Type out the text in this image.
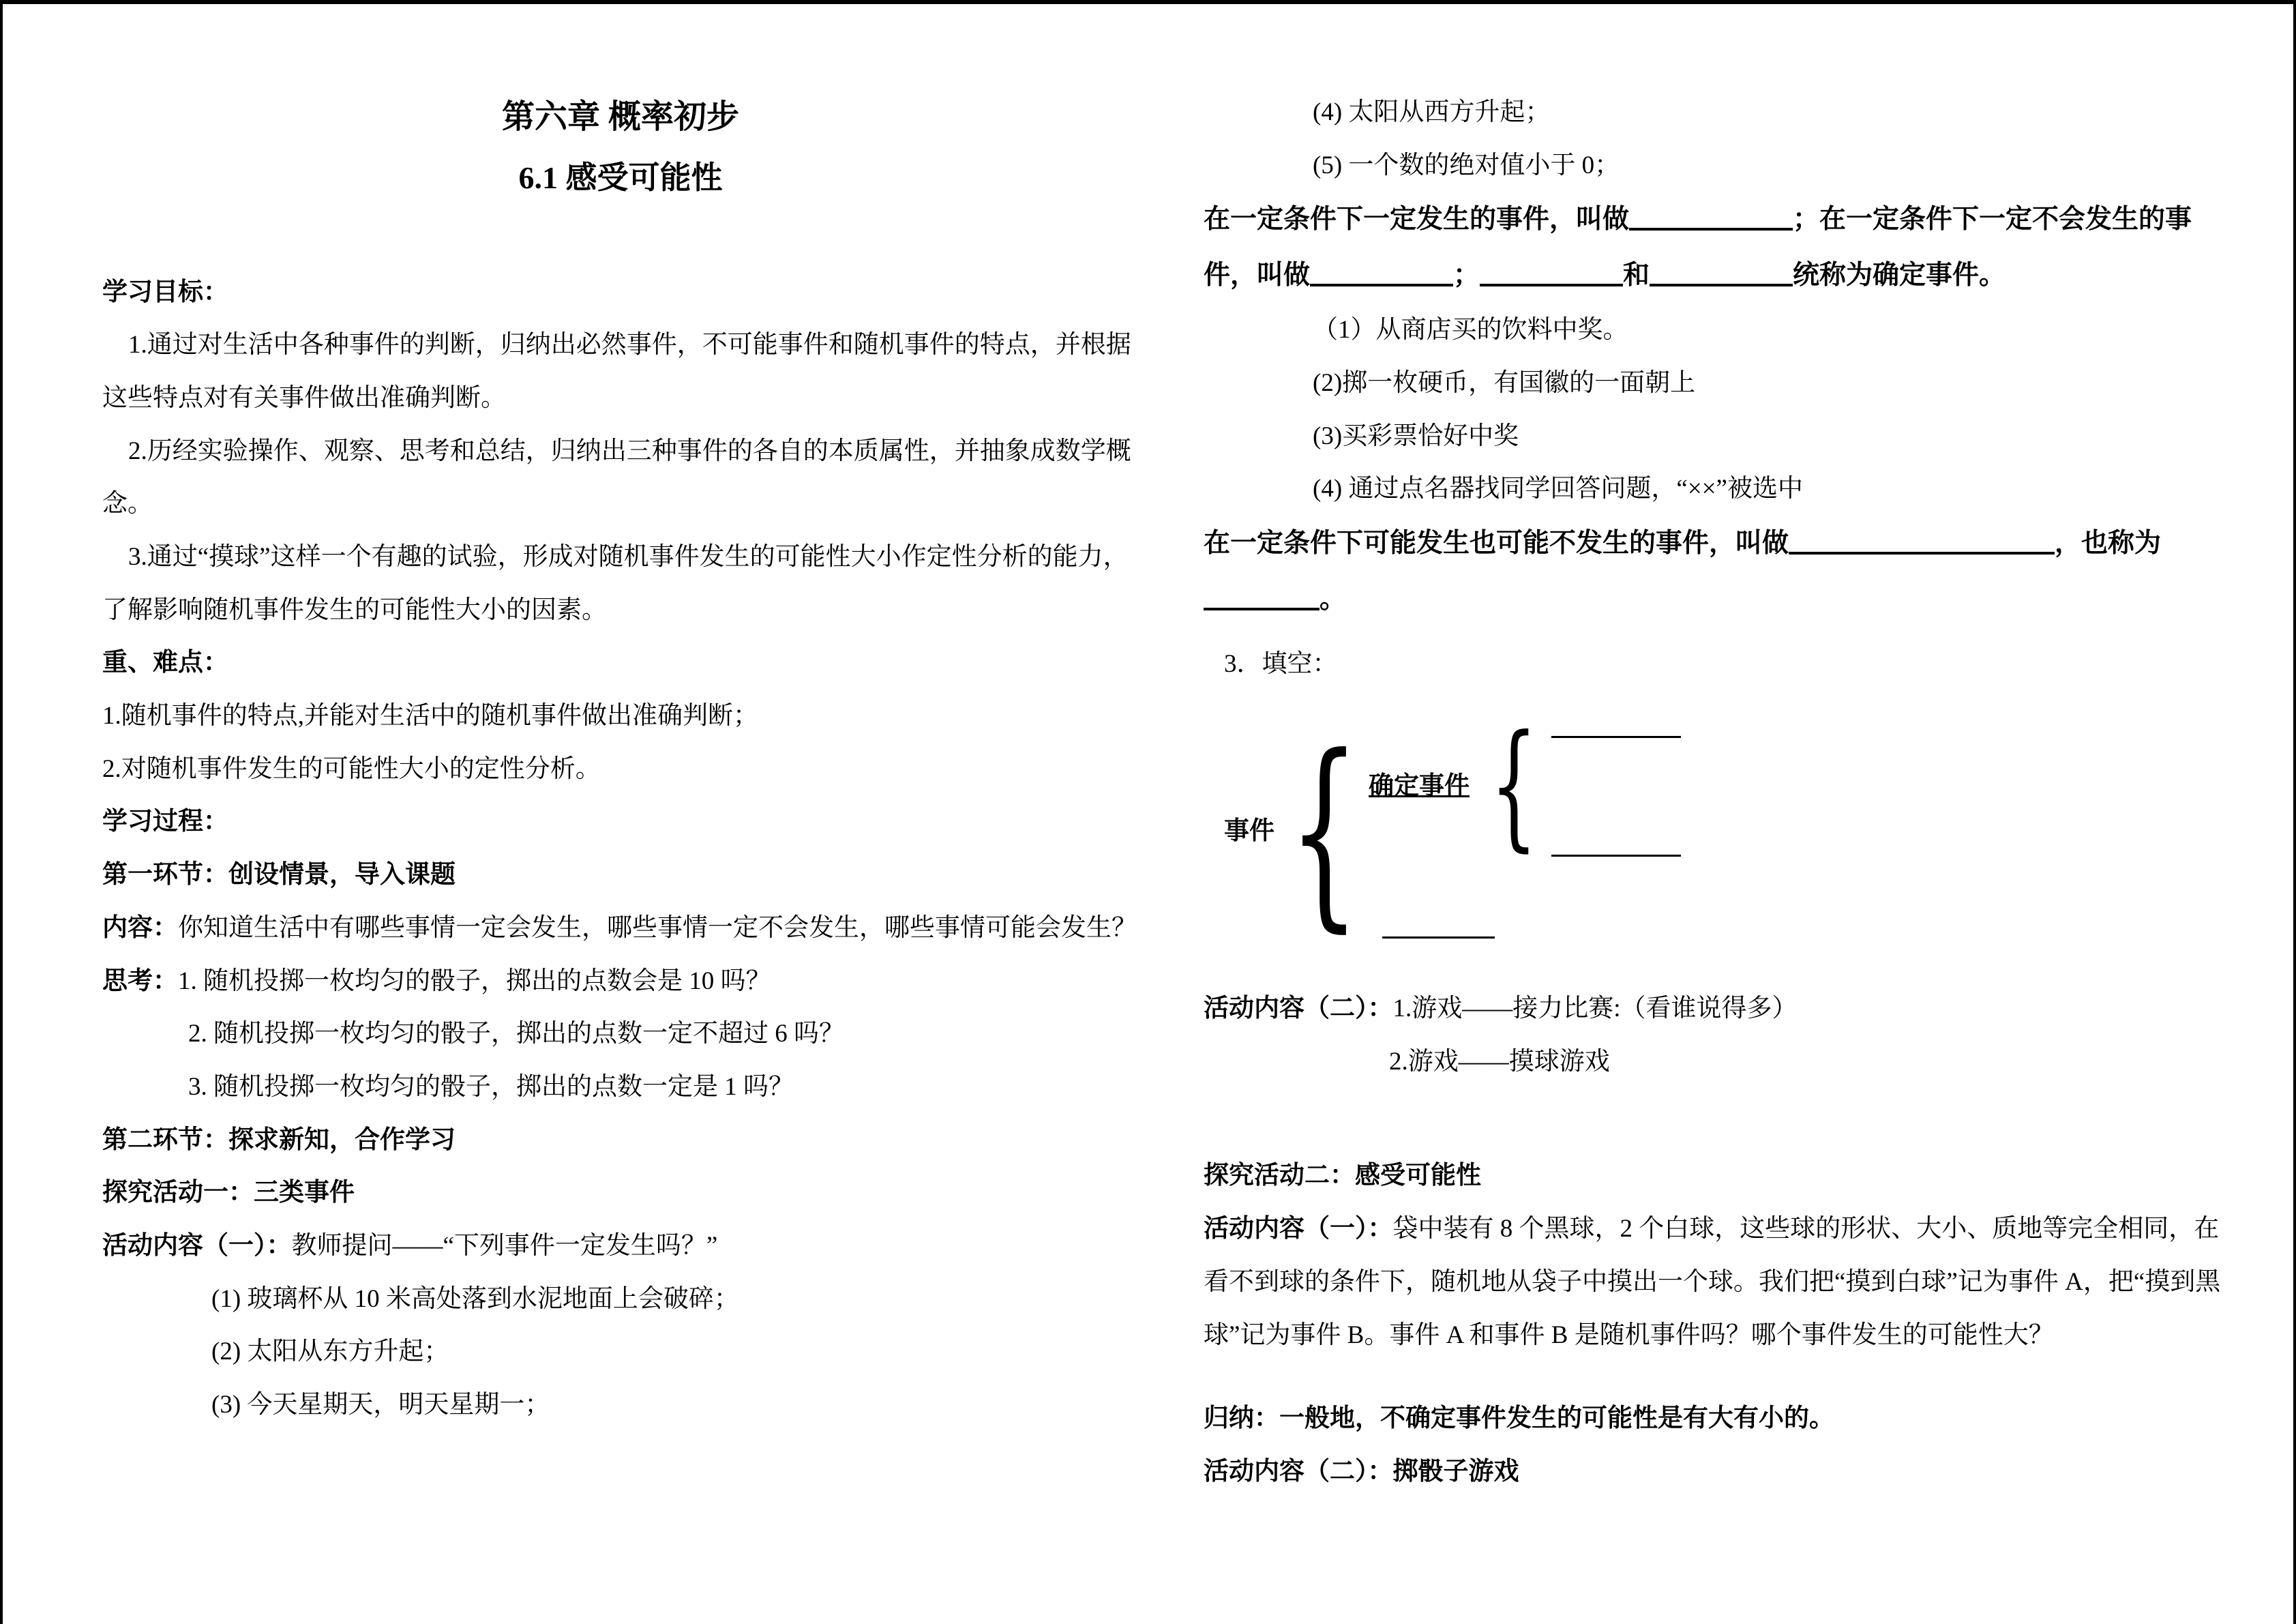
第六章 概率初步
6.1 感受可能性
学习目标：
1.通过对生活中各种事件的判断，归纳出必然事件，不可能事件和随机事件的特点，并根据这些特点对有关事件做出准确判断。
2.历经实验操作、观察、思考和总结，归纳出三种事件的各自的本质属性，并抽象成数学概念。
3.通过“摸球”这样一个有趣的试验，形成对随机事件发生的可能性大小作定性分析的能力，了解影响随机事件发生的可能性大小的因素。
重、难点：
1.随机事件的特点,并能对生活中的随机事件做出准确判断；
2.对随机事件发生的可能性大小的定性分析。
学习过程：
第一环节：创设情景，导入课题
内容：你知道生活中有哪些事情一定会发生，哪些事情一定不会发生，哪些事情可能会发生？
思考：1. 随机投掷一枚均匀的骰子，掷出的点数会是 10 吗？
2. 随机投掷一枚均匀的骰子，掷出的点数一定不超过 6 吗？
3. 随机投掷一枚均匀的骰子，掷出的点数一定是 1 吗？
第二环节：探求新知，合作学习
探究活动一：三类事件
活动内容（一）：教师提问——“下列事件一定发生吗？”
(1) 玻璃杯从 10 米高处落到水泥地面上会破碎；
(2) 太阳从东方升起；
(3) 今天星期天，明天星期一；
(4) 太阳从西方升起；
(5) 一个数的绝对值小于 0；
在一定条件下一定发生的事件，叫做	；在一定条件下一定不会发生的事件，叫做	；	和	统称为确定事件。
（1）从商店买的饮料中奖。
(2)掷一枚硬币，有国徽的一面朝上
(3)买彩票恰好中奖
(4) 通过点名器找同学回答问题，“××”被选中
在一定条件下可能发生也可能不发生的事件，叫做	，也称为。
3．填空：
事件 { 确定事件 {
活动内容（二）：1.游戏——接力比赛:（看谁说得多）
2.游戏——摸球游戏
探究活动二：感受可能性
活动内容（一）：袋中装有 8 个黑球，2 个白球，这些球的形状、大小、质地等完全相同，在看不到球的条件下，随机地从袋子中摸出一个球。我们把“摸到白球”记为事件 A，把“摸到黑球”记为事件 B。事件 A 和事件 B 是随机事件吗？哪个事件发生的可能性大？
归纳：一般地，不确定事件发生的可能性是有大有小的。
活动内容（二）：掷骰子游戏
